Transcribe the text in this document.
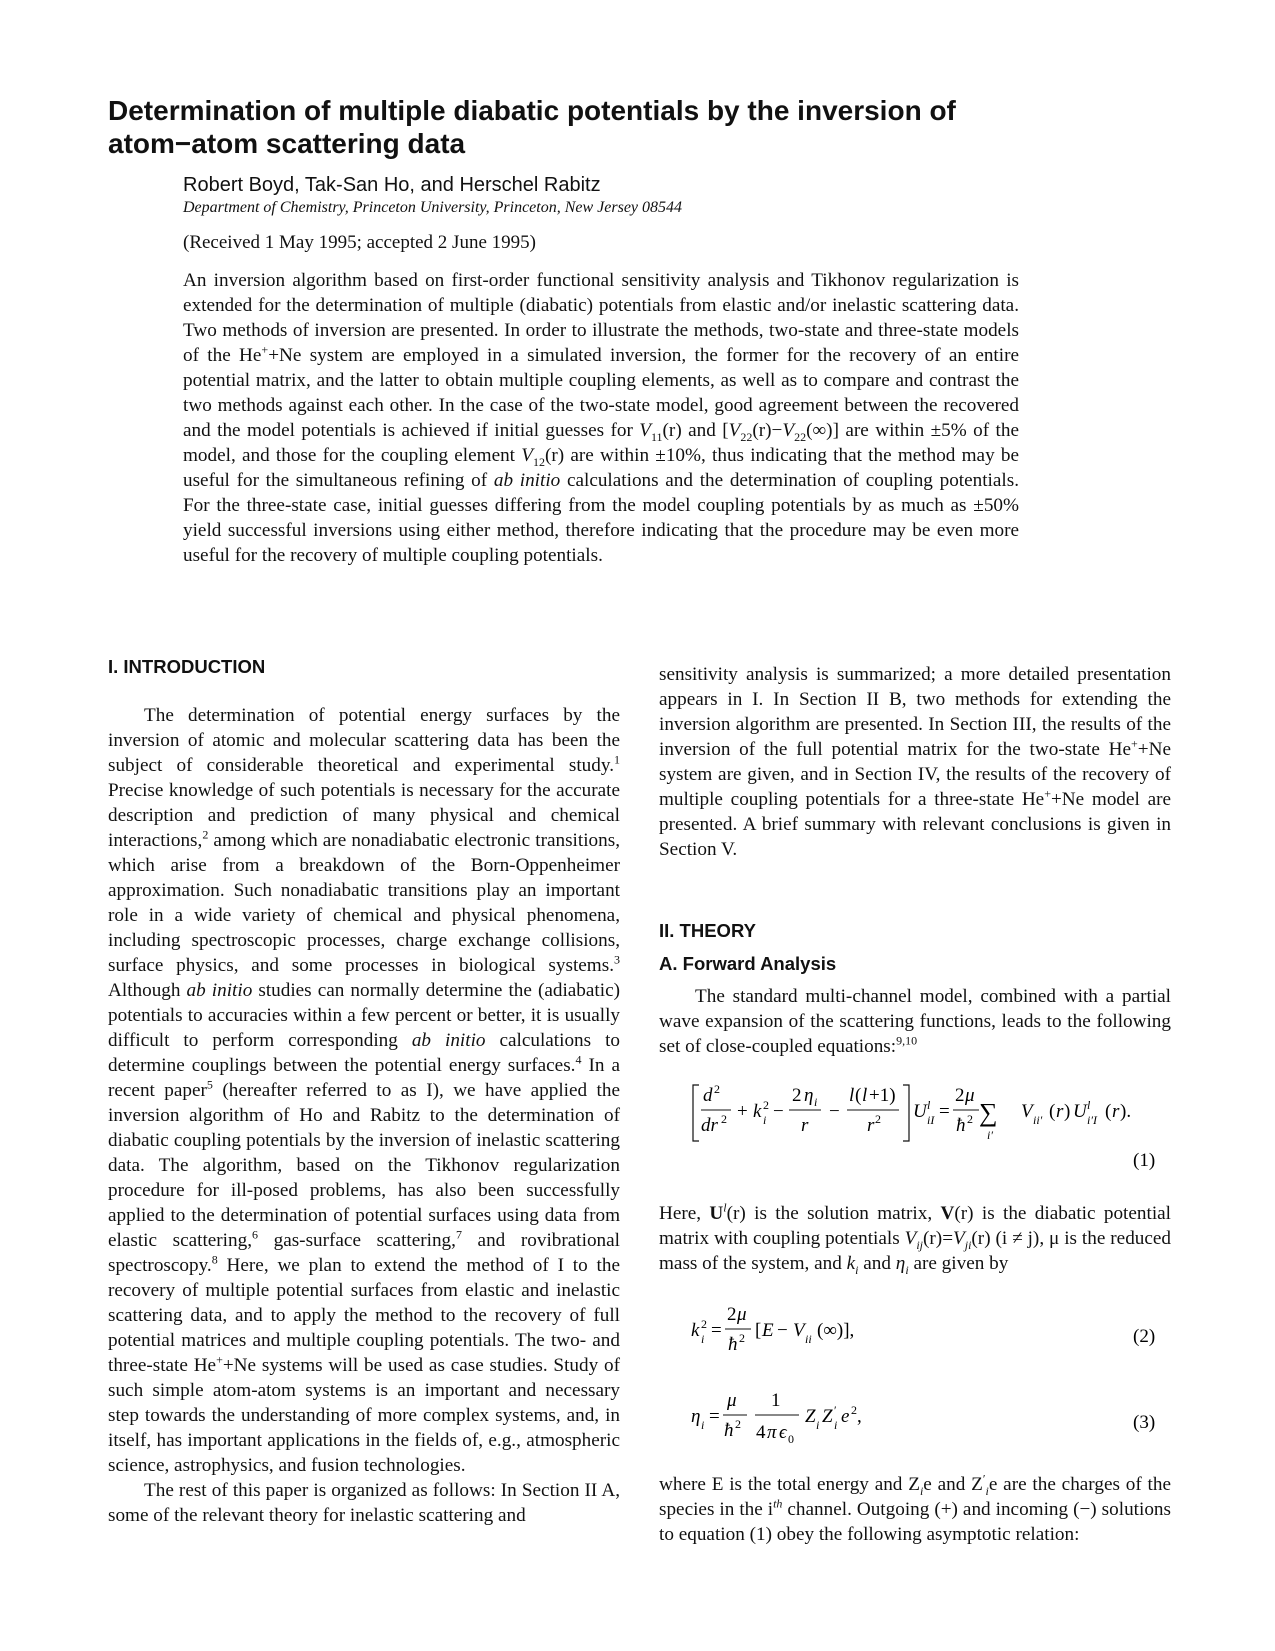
Determination of multiple diabatic potentials by the inversion of atom−atom scattering data
Robert Boyd, Tak-San Ho, and Herschel Rabitz
Department of Chemistry, Princeton University, Princeton, New Jersey 08544
(Received 1 May 1995; accepted 2 June 1995)

An inversion algorithm based on first-order functional sensitivity analysis and Tikhonov regularization is extended for the determination of multiple (diabatic) potentials from elastic and/or inelastic scattering data. Two methods of inversion are presented. In order to illustrate the methods, two-state and three-state models of the He++Ne system are employed in a simulated inversion, the former for the recovery of an entire potential matrix, and the latter to obtain multiple coupling elements, as well as to compare and contrast the two methods against each other. In the case of the two-state model, good agreement between the recovered and the model potentials is achieved if initial guesses for $V_{11}(r)$ and $[V_{22}(r)-V_{22}(\infty)]$ are within ±5% of the model, and those for the coupling element $V_{12}(r)$ are within ±10%, thus indicating that the method may be useful for the simultaneous refining of ab initio calculations and the determination of coupling potentials. For the three-state case, initial guesses differing from the model coupling potentials by as much as ±50% yield successful inversions using either method, therefore indicating that the procedure may be even more useful for the recovery of multiple coupling potentials.

I. INTRODUCTION

The determination of potential energy surfaces by the inversion of atomic and molecular scattering data has been the subject of considerable theoretical and experimental study.$^1$ Precise knowledge of such potentials is necessary for the accurate description and prediction of many physical and chemical interactions,$^2$ among which are nonadiabatic electronic transitions, which arise from a breakdown of the Born-Oppenheimer approximation. Such nonadiabatic transitions play an important role in a wide variety of chemical and physical phenomena, including spectroscopic processes, charge exchange collisions, surface physics, and some processes in biological systems.$^3$ Although ab initio studies can normally determine the (adiabatic) potentials to accuracies within a few percent or better, it is usually difficult to perform corresponding ab initio calculations to determine couplings between the potential energy surfaces.$^4$ In a recent paper$^5$ (hereafter referred to as I), we have applied the inversion algorithm of Ho and Rabitz to the determination of diabatic coupling potentials by the inversion of inelastic scattering data. The algorithm, based on the Tikhonov regularization procedure for ill-posed problems, has also been successfully applied to the determination of potential surfaces using data from elastic scattering,$^6$ gas-surface scattering,$^7$ and rovibrational spectroscopy.$^8$ Here, we plan to extend the method of I to the recovery of multiple potential surfaces from elastic and inelastic scattering data, and to apply the method to the recovery of full potential matrices and multiple coupling potentials. The two- and three-state He++Ne systems will be used as case studies. Study of such simple atom-atom systems is an important and necessary step towards the understanding of more complex systems, and, in itself, has important applications in the fields of, e.g., atmospheric science, astrophysics, and fusion technologies.

The rest of this paper is organized as follows: In Section II A, some of the relevant theory for inelastic scattering and

sensitivity analysis is summarized; a more detailed presentation appears in I. In Section II B, two methods for extending the inversion algorithm are presented. In Section III, the results of the inversion of the full potential matrix for the two-state He++Ne system are given, and in Section IV, the results of the recovery of multiple coupling potentials for a three-state He++Ne model are presented. A brief summary with relevant conclusions is given in Section V.

II. THEORY
A. Forward Analysis

The standard multi-channel model, combined with a partial wave expansion of the scattering functions, leads to the following set of close-coupled equations:$^{9,10}$

d 2
dr 2 + k i
2 −
2 η i
r
−
l ( l +1)
r 2 U l
iI =
2 μ
ħ 2 ∑
i′
V ii′ ( r ) U l
i′I ( r ).
(1)

Here, $U^l(r)$ is the solution matrix, V(r) is the diabatic potential matrix with coupling potentials $V_{ij}(r)=V_{ji}(r) (i \ne j)$, μ is the reduced mass of the system, and $k_i$ and $\eta_i$ are given by

k 2
i =
2 μ
ħ 2 [ E − V ii (∞)],	(2)
η i =
μ
ħ 2
1
4 π ϵ 0
Z i Z ′
i e 2 ,	(3)

where E is the total energy and $Z_ie$ and $Z'_ie$ are the charges of the species in the $i^{th}$ channel. Outgoing (+) and incoming (−) solutions to equation (1) obey the following asymptotic relation:
